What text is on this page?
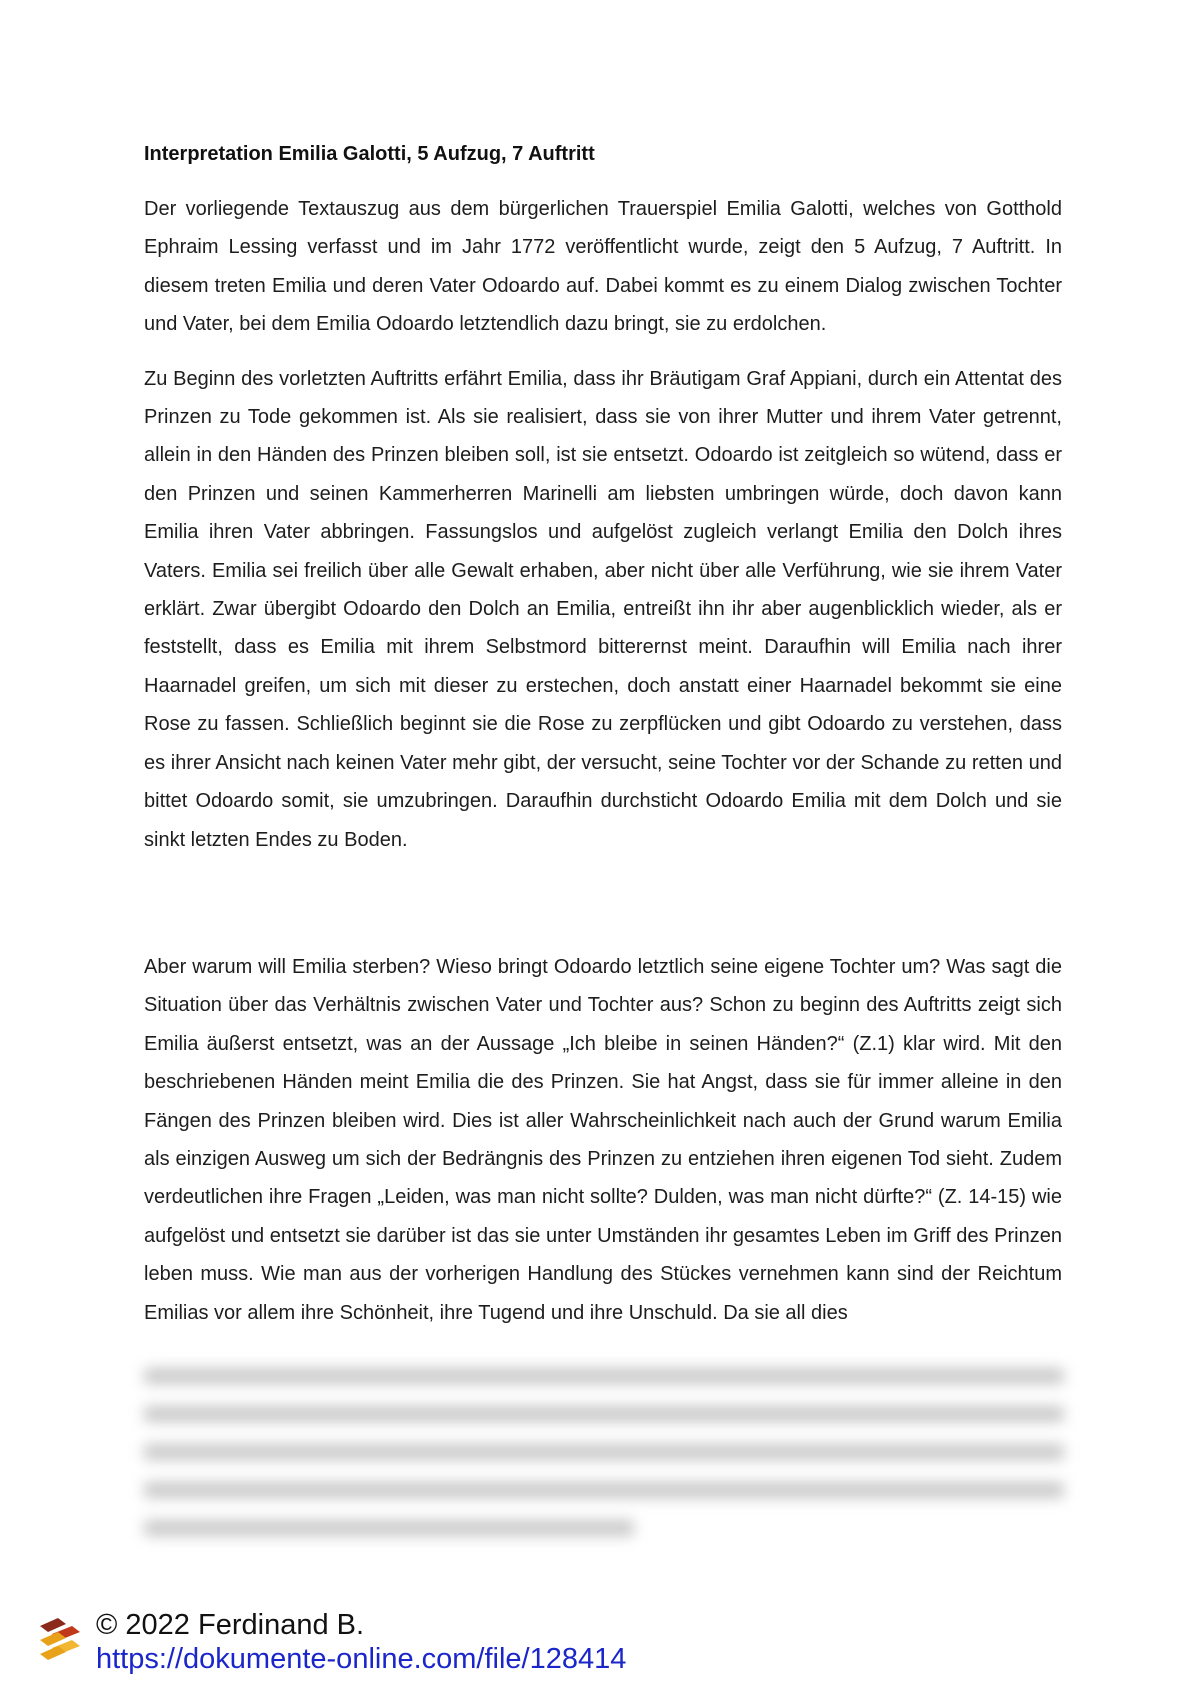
Interpretation Emilia Galotti, 5 Aufzug, 7 Auftritt

Der vorliegende Textauszug aus dem bürgerlichen Trauerspiel Emilia Galotti, welches von Gotthold Ephraim Lessing verfasst und im Jahr 1772 veröffentlicht wurde, zeigt den 5 Aufzug, 7 Auftritt. In diesem treten Emilia und deren Vater Odoardo auf. Dabei kommt es zu einem Dialog zwischen Tochter und Vater, bei dem Emilia Odoardo letztendlich dazu bringt, sie zu erdolchen.

Zu Beginn des vorletzten Auftritts erfährt Emilia, dass ihr Bräutigam Graf Appiani, durch ein Attentat des Prinzen zu Tode gekommen ist. Als sie realisiert, dass sie von ihrer Mutter und ihrem Vater getrennt, allein in den Händen des Prinzen bleiben soll, ist sie entsetzt. Odoardo ist zeitgleich so wütend, dass er den Prinzen und seinen Kammerherren Marinelli am liebsten umbringen würde, doch davon kann Emilia ihren Vater abbringen. Fassungslos und aufgelöst zugleich verlangt Emilia den Dolch ihres Vaters. Emilia sei freilich über alle Gewalt erhaben, aber nicht über alle Verführung, wie sie ihrem Vater erklärt. Zwar übergibt Odoardo den Dolch an Emilia, entreißt ihn ihr aber augenblicklich wieder, als er feststellt, dass es Emilia mit ihrem Selbstmord bitterernst meint. Daraufhin will Emilia nach ihrer Haarnadel greifen, um sich mit dieser zu erstechen, doch anstatt einer Haarnadel bekommt sie eine Rose zu fassen. Schließlich beginnt sie die Rose zu zerpflücken und gibt Odoardo zu verstehen, dass es ihrer Ansicht nach keinen Vater mehr gibt, der versucht, seine Tochter vor der Schande zu retten und bittet Odoardo somit, sie umzubringen. Daraufhin durchsticht Odoardo Emilia mit dem Dolch und sie sinkt letzten Endes zu Boden.

Aber warum will Emilia sterben? Wieso bringt Odoardo letztlich seine eigene Tochter um? Was sagt die Situation über das Verhältnis zwischen Vater und Tochter aus? Schon zu beginn des Auftritts zeigt sich Emilia äußerst entsetzt, was an der Aussage „Ich bleibe in seinen Händen?“ (Z.1) klar wird. Mit den beschriebenen Händen meint Emilia die des Prinzen. Sie hat Angst, dass sie für immer alleine in den Fängen des Prinzen bleiben wird. Dies ist aller Wahrscheinlichkeit nach auch der Grund warum Emilia als einzigen Ausweg um sich der Bedrängnis des Prinzen zu entziehen ihren eigenen Tod sieht. Zudem verdeutlichen ihre Fragen „Leiden, was man nicht sollte? Dulden, was man nicht dürfte?“ (Z. 14-15) wie aufgelöst und entsetzt sie darüber ist das sie unter Umständen ihr gesamtes Leben im Griff des Prinzen leben muss. Wie man aus der vorherigen Handlung des Stückes vernehmen kann sind der Reichtum Emilias vor allem ihre Schönheit, ihre Tugend und ihre Unschuld. Da sie all dies

© 2022 Ferdinand B.
https://dokumente-online.com/file/128414
